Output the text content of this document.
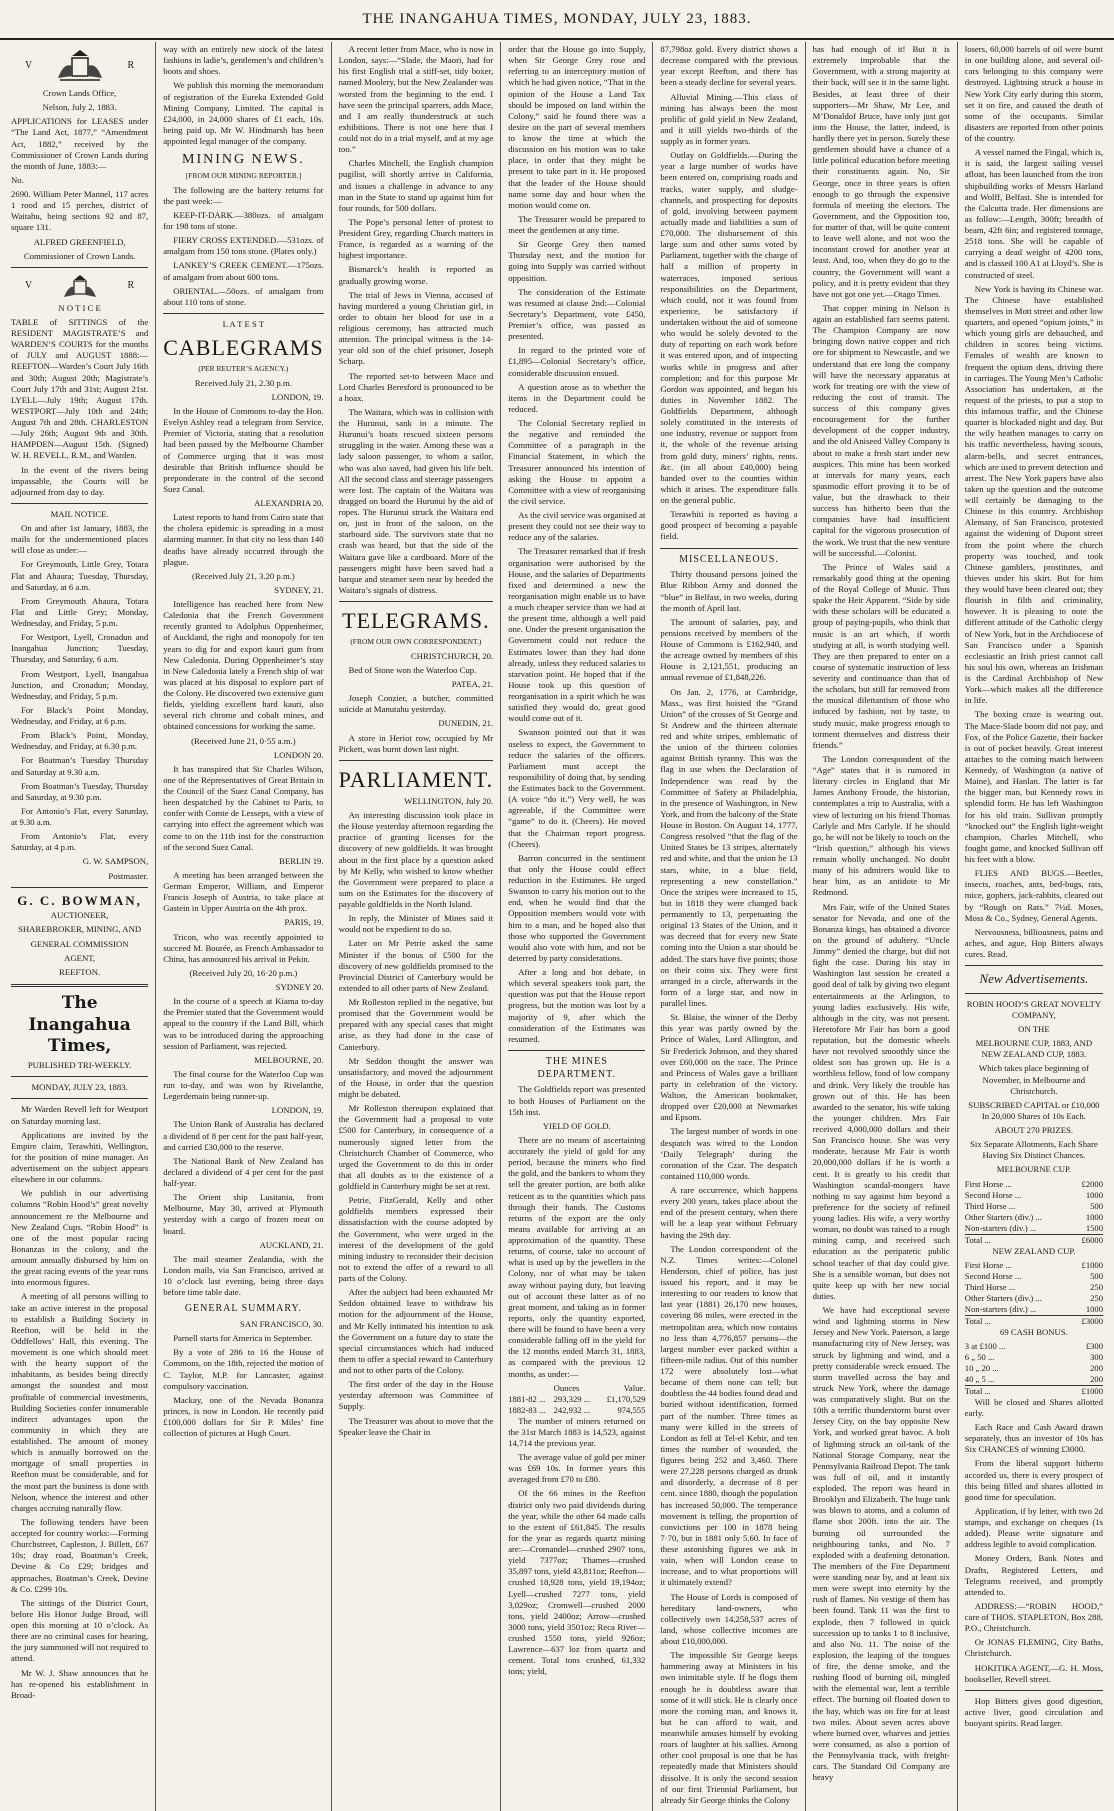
THE INANGAHUA TIMES, MONDAY, JULY 23, 1883.
V	R

Crown Lands Office,

Nelson, July 2, 1883.

APPLICATIONS for LEASES under “The Land Act, 1877,” “Amendment Act, 1882,” received by the Commissioner of Crown Lands during the month of June, 1883:—

No.

2690. William Peter Mannel, 117 acres 1 rood and 15 perches, district of Waitahu, being sections 92 and 87, square 131.

ALFRED GREENFIELD,

Commissioner of Crown Lands.

V	R

N O T I C E

TABLE of SITTINGS of the RESIDENT MAGISTRATE’S and WARDEN’S COURTS for the months of JULY and AUGUST 1888:— REEFTON—Warden’s Court July 16th and 30th; August 20th; Magistrate’s Court July 17th and 31st; August 21st. LYELL—July 19th; August 17th. WESTPORT—July 10th and 24th; August 7th and 28th. CHARLESTON—July 26th; August 9th and 30th. HAMPDEN—August 15th. (Signed) W. H. REVELL, R.M., and Warden.

In the event of the rivers being impassable, the Courts will be adjourned from day to day.

MAIL NOTICE.

On and after 1st January, 1883, the mails for the undermentioned places will close as under:—

For Greymouth, Little Grey, Totara Flat and Ahaura; Tuesday, Thursday, and Saturday, at 6 a.m.

From Greymouth Ahaura, Totara Flat and Little Grey; Monday, Wednesday, and Friday, 5 p.m.

For Westport, Lyell, Cronadun and Inangahua Junction; Tuesday, Thursday, and Saturday, 6 a.m.

From Westport, Lyell, Inangahua Junction, and Cronadun; Monday, Wednesday, and Friday, 5 p.m.

For Black’s Point Monday, Wednesday, and Friday, at 6 p.m.

From Black’s Point, Monday, Wednesday, and Friday, at 6.30 p.m.

For Boatman’s Tuesday Thursday and Saturday at 9.30 a.m.

From Boatman’s Tuesday, Thursday and Saturday, at 9.30 p.m.

For Antonio’s Flat, every Saturday, at 9.30 a.m.

From Antonio’s Flat, every Saturday, at 4 p.m.

G. W. SAMPSON,

Postmaster.

G. C. BOWMAN,

AUCTIONEER,

SHAREBROKER, MINING, AND

GENERAL COMMISSION

AGENT,

REEFTON.

The Inangahua Times,

PUBLISHED TRI-WEEKLY.

MONDAY, JULY 23, 1883.

Mr Warden Revell left for Westport on Saturday morning last.

Applications are invited by the Empire claim, Terawhiti, Wellington, for the position of mine manager. An advertisement on the subject appears elsewhere in our columns.

We publish in our advertising columns “Robin Hood’s” great novelty announcement re the Melbourne and New Zealand Cups. “Robin Hood” is one of the most popular racing Bonanzas in the colony, and the amount annually disbursed by him on the great racing events of the year runs into enormous figures.

A meeting of all persons willing to take an active interest in the proposal to establish a Building Society in Reefton, will be held in the Oddfellows’ Hall, this evening. The movement is one which should meet with the hearty support of the inhabitants, as besides being directly amongst the soundest and most profitable of commercial investments, Building Societies confer innumerable indirect advantages upon the community in which they are established. The amount of money which is annually borrowed on the mortgage of small properties in Reefton must be considerable, and for the most part the business is done with Nelson, whence the interest and other charges accruing naturally flow.

The following tenders have been accepted for country works:—Forming Churchstreet, Capleston, J. Billett, £67 10s; dray road, Boatman’s Creek, Devine & Co £29; bridges and approaches, Boatman’s Creek, Devine & Co. £299 10s.

The sittings of the District Court, before His Honor Judge Broad, will open this morning at 10 o’clock. As there are no criminal cases for hearing, the jury summoned will not required to attend.

Mr W. J. Shaw announces that he has re-opened his establishment in Broad-

way with an entirely new stock of the latest fashions in ladie’s, gentlemen’s and children’s boots and shoes.

We publish this morning the memorandum of registration of the Eureka Extended Gold Mining Company, Limited. The capital is £24,000, in 24,000 shares of £1 each, 10s. being paid up. Mr W. Hindmarsh has been appointed legal manager of the company.

MINING NEWS.
[FROM OUR MINING REPORTER.]

The following are the battery returns for the past week:—

KEEP-IT-DARK.—380ozs. of amalgam for 198 tons of stone.

FIERY CROSS EXTENDED.—531ozs. of amalgam from 150 tons stone. (Plates only.)

LANKEY’S CREEK CEMENT.—175ozs. of amalgam from about 600 tons.

ORIENTAL.—50ozs. of amalgam from about 110 tons of stone.

L A T E S T

CABLEGRAMS
(PER REUTER’S AGENCY.)

Received July 21, 2.30 p.m.

LONDON, 19.

In the House of Commons to-day the Hon. Evelyn Ashley read a telegram from Service, Premier of Victoria, stating that a resolution had been passed by the Melbourne Chamber of Commerce urging that it was most desirable that British influence should be preponderate in the control of the second Suez Canal.

ALEXANDRIA 20.

Latest reports to hand from Cairo state that the cholera epidemic is spreading in a most alarming manner. In that city no less than 140 deaths have already occurred through the plague.

(Received July 21, 3.20 p.m.)

SYDNEY, 21.

Intelligence has reached here from New Caledonia that the French Government recently granted to Adolphus Oppenheimer, of Auckland, the right and monopoly for ten years to dig for and export kauri gum from New Caledonia. During Oppenheimer’s stay in New Caledonia lately a French ship of war was placed at his disposal to explore part of the Colony. He discovered two extensive gum fields, yielding excellent hard kauri, also several rich chrome and cobalt mines, and obtained concessions for working the same.

(Received June 21, 0·55 a.m.)

LONDON 20.

It has transpired that Sir Charles Wilson, one of the Representatives of Great Britain in the Council of the Suez Canal Company, has been despatched by the Cabinet to Paris, to confer with Comte de Lesseps, with a view of carrying into effect the agreement which was come to on the 11th inst for the construction of the second Suez Canal.

BERLIN 19.

A meeting has been arranged between the German Emperor, William, and Emperor Francis Joseph of Austria, to take place at Gastein in Upper Austria on the 4th prox.

PARIS, 19.

Tricon, who was recently appointed to succeed M. Bourée, as French Ambassador to China, has announced his arrival in Pekin.

(Received July 20, 16·20 p.m.)

SYDNEY 20.

In the course of a speech at Kiama to-day the Premier stated that the Government would appeal to the country if the Land Bill, which was to be introduced during the approaching session of Parliament, was rejected.

MELBOURNE, 20.

The final course for the Waterloo Cup was run to-day, and was won by Rivelanthe, Legerdemain being runner-up.

LONDON, 19.

The Union Bank of Australia has declared a dividend of 8 per cent for the past half-year, and carried £30,000 to the reserve.

The National Bank of New Zealand has declared a dividend of 4 per cent for the past half-year.

The Orient ship Lusitania, from Melbourne, May 30, arrived at Plymouth yesterday with a cargo of frozen meat on board.

AUCKLAND, 21.

The mail steamer Zealandia, with the London mails, via San Francisco, arrived at 10 o’clock last evening, being three days before time table date.

GENERAL SUMMARY.

SAN FRANCISCO, 30.

Parnell starts for America in September.

By a vote of 286 to 16 the House of Commons, on the 18th, rejected the motion of C. Taylor, M.P. for Lancaster, against compulsory vaccination.

Mackay, one of the Nevada Bonanza princes, is now in London. He recently paid £100,000 dollars for Sir P. Miles’ fine collection of pictures at Hugh Court.

A recent letter from Mace, who is now in London, says:—“Slade, the Maori, had for his first English trial a stiff-set, tidy boxer, named Moolery, but the New Zealander was worsted from the beginning to the end. I have seen the principal sparrers, adds Mace, and I am really thunderstruck at such exhibitions. There is not one here that I could not do in a trial myself, and at my age too.”

Charles Mitchell, the English champion pugilist, will shortly arrive in California, and issues a challenge in advance to any man in the State to stand up against him for four rounds, for 500 dollars.

The Pope’s personal letter of protest to President Grey, regarding Church matters in France, is regarded as a warning of the highest importance.

Bismarck’s health is reported as gradually growing worse.

The trial of Jews in Vienna, accused of having murdered a young Christian girl, in order to obtain her blood for use in a religious ceremony, has attracted much attention. The principal witness is the 14-year old son of the chief prisoner, Joseph Scharp.

The reported set-to between Mace and Lord Charles Beresford is pronounced to be a hoax.

The Waitara, which was in collision with the Hurunui, sank in a minute. The Hurunui’s boats rescued sixteen persons struggling in the water. Among these was a lady saloon passenger, to whom a sailor, who was also saved, had given his life belt. All the second class and steerage passengers were lost. The captain of the Waitara was dragged on board the Hurunui by the aid of ropes. The Hurunui struck the Waitara end on, just in front of the saloon, on the starboard side. The survivors state that no crash was heard, but that the side of the Waitara gave like a cardboard. More of the passengers might have been saved had a barque and steamer seen near by heeded the Waitara’s signals of distress.

TELEGRAMS.
(FROM OUR OWN CORRESPONDENT.)

CHRISTCHURCH, 20.

Bed of Stone won the Waterloo Cup.

PATEA, 21.

Joseph Conzier, a butcher, committed suicide at Manutahu yesterday.

DUNEDIN, 21.

A store in Heriot row, occupied by Mr Pickett, was burnt down last night.

PARLIAMENT.

WELLINGTON, July 20.

An interesting discussion took place in the House yesterday afternoon regarding the practice of granting licenses for the discovery of new goldfields. It was brought about in the first place by a question asked by Mr Kelly, who wished to know whether the Government were prepared to place a sum on the Estimates for the discovery of payable goldfields in the North Island.

In reply, the Minister of Mines said it would not be expedient to do so.

Later on Mr Petrie asked the same Minister if the bonus of £500 for the discovery of new goldfields promised to the Provincial District of Canterbury would be extended to all other parts of New Zealand.

Mr Rolleston replied in the negative, but promised that the Government would be prepared with any special cases that might arise, as they had done in the case of Canterbury.

Mr Seddon thought the answer was unsatisfactory, and moved the adjournment of the House, in order that the question might be debated.

Mr Rolleston thereupon explained that the Government had a proposal to vote £500 for Canterbury, in consequence of a numerously signed letter from the Christchurch Chamber of Commerce, who urged the Government to do this in order that all doubts as to the existence of a goldfield in Canterbury might be set at rest.

Petrie, FitzGerald, Kelly and other goldfields members expressed their dissatisfaction with the course adopted by the Government, who were urged in the interest of the development of the gold mining industry to reconsider their decision not to extend the offer of a reward to all parts of the Colony.

After the subject had been exhausted Mr Seddon obtained leave to withdraw his motion for the adjournment of the House, and Mr Kelly intimated his intention to ask the Government on a future day to state the special circumstances which had induced them to offer a special reward to Canterbury and not to other parts of the Colony.

The first order of the day in the House yesterday afternoon was Committee of Supply.

The Treasurer was about to move that the Speaker leave the Chair in

order that the House go into Supply, when Sir George Grey rose and referring to an interceptory motion of which he had given notice, “That in the opinion of the House a Land Tax should be imposed on land within the Colony,” said he found there was a desire on the part of several members to know the time at which the discussion on his motion was to take place, in order that they might be present to take part in it. He proposed that the leader of the House should name some day and hour when the motion would come on.

The Treasurer would be prepared to meet the gentlemen at any time.

Sir George Grey then named Thursday next, and the motion for going into Supply was carried without opposition.

The consideration of the Estimate was resumed at clause 2nd:—Colonial Secretary’s Department, vote £450, Premier’s office, was passed as presented.

In regard to the printed vote of £1,895—Colonial Secretary’s office, considerable discussion ensued.

A question arose as to whether the items in the Department could be reduced.

The Colonial Secretary replied in the negative and reminded the Committee of a paragraph in the Financial Statement, in which the Treasurer announced his intention of asking the House to appoint a Committee with a view of reorganising the civil service.

As the civil service was organised at present they could not see their way to reduce any of the salaries.

The Treasurer remarked that if fresh organisation were authorised by the House, and the salaries of Departments fixed and determined a new the reorganisation might enable us to have a much cheaper service than we had at the present time, although a well paid one. Under the present organisation the Government could not reduce the Estimates lower than they had done already, unless they reduced salaries to starvation point. He hoped that if the House took up this question of reorganisation in a spirit which he was satisfied they would do, great good would come out of it.

Swanson pointed out that it was useless to expect, the Government to reduce the salaries of the officers. Parliament must accept the responsibility of doing that, by sending the Estimates back to the Government. (A voice “do it.”) Very well, he was agreeable, if the Committee were “game” to do it. (Cheers). He moved that the Chairman report progress. (Cheers).

Barron concurred in the sentiment that only the House could effect reduction in the Estimates. He urged Swanson to carry his motion out to the end, when he would find that the Opposition members would vote with him to a man, and he hoped also that those who supported the Government would also vote with him, and not be deterred by party considerations.

After a long and hot debate, in which several speakers took part, the question was put that the House report progress, but the motion was lost by a majority of 9, after which the consideration of the Estimates was resumed.

THE MINES DEPARTMENT.

The Goldfields report was presented to both Houses of Parliament on the 15th inst.

YIELD OF GOLD.

There are no means of ascertaining accurately the yield of gold for any period, because the miners who find the gold, and the bankers to whom they sell the greater portion, are both alike reticent as to the quantities which pass through their hands. The Customs returns of the export are the only means available for arriving at an approximation of the quantity. These returns, of course, take no account of what is used up by the jewellers in the Colony, nor of what may be taken away without paying duty, but leaving out of account these latter as of no great moment, and taking as in former reports, only the quantity exported, there will be found to have been a very considerable falling off in the yield for the 12 months ended March 31, 1883, as compared with the previous 12 months, as under:—

	Ounces	Value.
1881-82 ...	293,329 ...	£1,170,529
1882-83 ...	242,932 ...	974,555

The number of miners returned on the 31st March 1883 is 14,523, against 14,714 the previous year.

The average value of gold per miner was £69 10s. In former years this averaged from £70 to £80.

Of the 66 mines in the Reefton district only two paid dividends during the year, while the other 64 made calls to the extent of £61,845. The results for the year as regards quartz mining are:—Cromandel—crushed 2907 tons, yield 7377oz; Thames—crushed 35,897 tons, yield 43,811oz; Reefton—crushed 18,928 tons, yield 19,194oz; Lyell—crushed 7277 tons, yield 3,029oz; Cromwell—crushed 2000 tons, yield 2400oz; Arrow—crushed 3000 tons, yield 3501oz; Reca River—crushed 1550 tons, yield 926oz; Lawrence—637 loz from quartz and cement. Total tons crushed, 61,332 tons; yield,

87,798oz gold. Every district shows a decrease compared with the previous year except Reefton, and there has been a steady decline for several years.

Alluvial Mining.—This class of mining has always been the most prolific of gold yield in New Zealand, and it still yields two-thirds of the supply as in former years.

Outlay on Goldfields.—During the year a large number of works have been entered on, comprising roads and tracks, water supply, and sludge-channels, and prospecting for deposits of gold, involving between payment actually made and liabilities a sum of £70,000. The disbursement of this large sum and other sums voted by Parliament, together with the charge of half a million of property in waterraces, imposed serious responsibilities on the Department, which could, not it was found from experience, be satisfactory if undertaken without the aid of someone who would be solely devoted to the duty of reporting on each work before it was entered upon, and of inspecting works while in progress and after completion; and for this purpose Mr Gordon was appointed, and began his duties in November 1882. The Goldfields Department, although solely constituted in the interests of one industry, revenue or support from it, the whole of the revenue arising from gold duty, miners’ rights, rents. &c. (in all about £40,000) being handed over to the counties within which it arises. The expenditure falls on the general public.

Terawhiti is reported as having a good prospect of becoming a payable field.

MISCELLANEOUS.

Thirty thousand persons joined the Blue Ribbon Army and donned the “blue” in Belfast, in two weeks, during the month of April last.

The amount of salaries, pay, and pensions received by members of the House of Commons is £162,940, and the acreage owned by members of this House is 2,121,551, producing an annual revenue of £1,848,226.

On Jan. 2, 1776, at Cambridge, Mass., was first hoisted the “Grand Union” of the crosses of St George and St Andrew and the thirteen alternate red and white stripes, emblematic of the union of the thirteen colonies against British tyranny. This was the flag in use when the Declaration of Independence was read by the Committee of Safety at Philadelphia, in the presence of Washington, in New York, and from the balcony of the State House in Boston. On August 14, 1777, Congress resolved “that the flag of the United States be 13 stripes, alternately red and white, and that the union be 13 stars, white, in a blue field, representing a new constellation.” Once the stripes were increased to 15, but in 1818 they were changed back permanently to 13, perpetuating the original 13 States of the Union, and it was decreed that for every new State coming into the Union a star should be added. The stars have five points; those on their coins six. They were first arranged in a circle, afterwards in the form of a large star, and now in parallel lines.

St. Blaise, the winner of the Derby this year was partly owned by the Prince of Wales, Lord Allington, and Sir Frederick Johnson, and they shared over £60,000 on the race. The Prince and Princess of Wales gave a brilliant party in celebration of the victory. Walton, the American bookmaker, dropped over £20,000 at Newmarket and Epsom.

The largest number of words in one despatch was wired to the London ‘Daily Telegraph’ during the coronation of the Czar. The despatch contained 110,000 words.

A rare occurrence, which happens every 200 years, takes place about the end of the present century, when there will be a leap year without February having the 29th day.

The London correspondent of the N.Z. Times writes:—Colonel Henderson, chief of police, has just issued his report, and it may be interesting to our readers to know that last year (1881) 26,170 new houses, covering 86 miles, were erected in the metropolitan area, which now contains no less than 4,776,857 persons—the largest number ever packed within a fifteen-mile radius. Out of this number 172 were absolutely lost—what became of them none can tell; but doubtless the 44 bodies found dead and buried without identification, formed part of the number. Three times as many were killed in the streets of London as fell at Tel-el Kebir, and ten times the number of wounded, the figures being 252 and 3,460. There were 27,228 persons charged as drunk and disorderly, a decrease of 8 per cent. since 1880, though the population has increased 50,000. The temperance movement is telling, the proportion of convictions per 100 in 1878 being 7·70, but in 1881 only 5.60. In face of these astonishing figures we ask in vain, when will London cease to increase, and to what proportions will it ultimately extend?

The House of Lords is composed of hereditary land-owners, who collectively own 14,258,537 acres of land, whose collective incomes are about £10,000,000.

The impossible Sir George keeps hammering away at Ministers in his own inimitable style. If he flogs them enough he is doubtless aware that some of it will stick. He is clearly once more the coming man, and knows it, but he can afford to wait, and meanwhile amuses himself by evoking roars of laughter at his sallies. Among other cool proposal is one that he has repeatedly made that Ministers should dissolve. It is only the second session of our first Triennial Parliament, but already Sir George thinks the Colony

has had enough of it! But it is extremely improbable that the Government, with a strong majority at their back, will see it in the same light. Besides, at least three of their supporters—Mr Shaw, Mr Lee, and M’Donaldof Bruce, have only just got into the House, the latter, indeed, is hardly there yet in person. Surely these gentlemen should have a chance of a little political education before meeting their constituents again. No, Sir George, once in three years is often enough to go through the expensive formula of meeting the electors. The Government, and the Opposition too, for matter of that, will be quite content to leave well alone, and not woo the inconstant crowd for another year at least. And, too, when they do go to the country, the Government will want a policy, and it is pretty evident that they have not got one yet.—Otago Times.

That copper mining in Nelson is again an established fact seems patent. The Champion Company are now bringing down native copper and rich ore for shipment to Newcastle, and we understand that ere long the company will have the necessary apparatus at work for treating ore with the view of reducing the cost of transit. The success of this company gives encouragement for the further development of the copper industry, and the old Aniseed Valley Company is about to make a fresh start under new auspices. This mine has been worked at intervals for many years, each spasmodic effort proving it to be of value, but the drawback to their success has hitherto been that the companies have had insufficient capital for the vigorous prosecution of the work. We trust that the new venture will be successful.—Colonist.

The Prince of Wales said a remarkably good thing at the opening of the Royal College of Music. Thus spake the Heir Apparent. “Side by side with these scholars will be educated a group of paying-pupils, who think that music is an art which, if worth studying at all, is worth studying well. They are then prepared to enter on a course of systematic instruction of less severity and continuance than that of the scholars, but still far removed from the musical dilettantism of those who induced by fashion, not by taste, to study music, make progress enough to torment themselves and distress their friends.”

The London correspondent of the “Age” states that it is rumored in literary circles in England that Mr James Anthony Froude, the historian, contemplates a trip to Australia, with a view of lecturing on his friend Thomas Carlyle and Mrs Carlyle. If he should go, he will not be likely to touch on the “Irish question,” although his views remain wholly unchanged. No doubt many of his admirers would like to hear him, as an antidote to Mr Redmond.

Mrs Fair, wife of the United States senator for Nevada, and one of the Bonanza kings, has obtained a divorce on the ground of adultery. “Uncle Jimmy” denied the charge, but did not fight the case. During his stay in Washington last session he created a good deal of talk by giving two elegant entertainments at the Arlington, to young ladies exclusively. His wife, although in the city, was not present. Heretofore Mr Fair has born a good reputation, but the domestic wheels have not revolved smoothly since the oldest son has grown up. He is a worthless fellow, fond of low company and drink. Very likely the trouble has grown out of this. He has been awarded to the senator, his wife taking the younger children. Mrs Fair received 4,000,000 dollars and their San Francisco house. She was very moderate, because Mr Fair is worth 20,000,000 dollars if he is worth a cent. It is greatly to his credit that Washington scandal-mongers have nothing to say against him beyond a preference for the society of refined young ladies. His wife, a very worthy woman, no doubt was raised to a rough mining camp, and received such education as the peripatetic public school teacher of that day could give. She is a sensible woman, but does not quite keep up with her new social duties.

We have had exceptional severe wind and lightning storms in New Jersey and New York. Paterson, a large manufacturing city of New Jersey, was struck by lightning and wind, and a pretty considerable wreck ensued. The storm travelled across the bay and struck New York, where the damage was comparatively slight. But on the 10th a terrific thunderstorm burst over Jersey City, on the bay opposite New York, and worked great havoc. A bolt of lightning struck an oil-tank of the National Storage Company, near the Pennsylvania Railroad Depot. The tank was full of oil, and it instantly exploded. The report was heard in Brooklyn and Elizabeth. The huge tank was blown to atoms, and a column of flame shot 200ft. into the air. The burning oil surrounded the neighbouring tanks, and No. 7 exploded with a deafening detonation. The members of the Fire Department were standing near by, and at least six men were swept into eternity by the rush of flames. No vestige of them has been found. Tank 11 was the first to explode, then 7 followed in quick succession up to tanks 1 to 8 inclusive, and also No. 11. The noise of the explosion, the leaping of the tongues of fire, the dense smoke, and the rushing flood of burning oil, mingled with the elemental war, lent a terrible effect. The burning oil floated down to the bay, which was on fire for at least two miles. About seven acres above where burned over, wharves and jetties were consumed, as also a portion of the Pennsylvania track, with freight-cars. The Standard Oil Company are heavy

losers, 60,000 barrels of oil were burnt in one building alone, and several oil-cars belonging to this company were destroyed. Lightning struck a house in New York City early during this storm, set it on fire, and caused the death of some of the occupants. Similar disasters are reported from other points of the country.

A vessel named the Fingal, which is, it is said, the largest sailing vessel afloat, has been launched from the iron shipbuilding works of Messrs Harland and Wolff, Belfast. She is intended for the Calcutta trade. Her dimensions are as follow:—Length, 300ft; breadth of beam, 42ft 6in; and registered tonnage, 2518 tons. She will be capable of carrying a dead weight of 4200 tons, and is classed 100 A1 at Lloyd’s. She is constructed of steel.

New York is having its Chinese war. The Chinese have established themselves in Mott street and other low quarters, and opened “opium joints,” in which young girls are debauched, and children in scores being victims. Females of wealth are known to frequent the opium dens, driving there in carriages. The Young Men’s Catholic Association has undertaken, at the request of the priests, to put a stop to this infamous traffic, and the Chinese quarter is blockaded night and day. But the wily heathen manages to carry on his traffic nevertheless, having scouts, alarm-bells, and secret entrances, which are used to prevent detection and arrest. The New York papers have also taken up the question and the outcome will certainly be damaging to the Chinese in this country. Archbishop Alemany, of San Francisco, protested against the widening of Dupont street from the point where the church property was touched, and took Chinese gamblers, prostitutes, and thieves under his skirt. But for him they would have been cleared out; they flourish in filth and criminality, however. It is pleasing to note the different attitude of the Catholic clergy of New York, but in the Archdiocese of San Francisco under a Spanish ecclesiastic an Irish priest cannot call his soul his own, whereas an Irishman is the Cardinal Archbishop of New York—which makes all the difference in life.

The boxing craze is wearing out. The Mace-Slade boom did not pay, and Fox, of the Police Gazette, their backer is out of pocket heavily. Great interest attaches to the coming match between Kennedy, of Washington (a native of Maine), and Hanlan. The latter is far the bigger man, but Kennedy rows in splendid form. He has left Washington for his old train. Sullivan promptly “knocked out” the English light-weight champion, Charles Mitchell, who fought game, and knocked Sullivan off his feet with a blow.

FLIES AND BUGS.—Beetles, insects, roaches, ants, bed-bugs, rats, mice, gophers, jack-rabbits, cleared out by “Rough on Rats.” 7½d. Moses, Moss & Co., Sydney, General Agents.

Nervousness, billiousness, pains and aches, and ague, Hop Bitters always cures. Read.

New Advertisements.

ROBIN HOOD’S GREAT NOVELTY COMPANY,

ON THE

MELBOURNE CUP, 1883, AND NEW ZEALAND CUP, 1883.

Which takes place beginning of November, in Melbourne and Christchurch.

SUBSCRIBED CAPITAL or £10,000 In 20,000 Shares of 10s Each.

ABOUT 270 PRIZES.

Six Separate Allotments, Each Share Having Six Distinct Chances.

MELBOURNE CUP.

First Horse ...	£2000
Second Horse ...	1000
Third Horse ...	500
Other Starters (div.) ...	1000
Non-starters (div.) ...	1500
Total ...	£6000

NEW ZEALAND CUP.

First Horse ...	£1000
Second Horse ...	500
Third Horse ...	250
Other Starters (div.) ...	250
Non-starters (div.) ...	1000
Total ...	£3000

69 CASH BONUS.

3 at £100 ...	£300
6 „ 50 ...	300
10 „ 20 ...	200
40 „ 5 ...	200
Total ...	£1000

Will be closed and Shares allotted early.

Each Race and Cash Award drawn separately, thus an investor of 10s has Six CHANCES of winning £3000.

From the liberal support hitherto accorded us, there is every prospect of this being filled and shares allotted in good time for speculation.

Application, if by letter, with two 2d stamps, and exchange on cheques (1s added). Please write signature and address legible to avoid complication.

Money Orders, Bank Notes and Drafts, Registered Letters, and Telegrams received, and promptly attended to.

ADDRESS:—“ROBIN HOOD,” care of THOS. STAPLETON, Box 288, P.O., Christchurch.

Or JONAS FLEMING, City Baths, Christchurch.

HOKITIKA AGENT,—G. H. Moss, bookseller, Revell street.

Hop Bitters gives good digestion, active liver, good circulation and buoyant spirits. Read larger.
